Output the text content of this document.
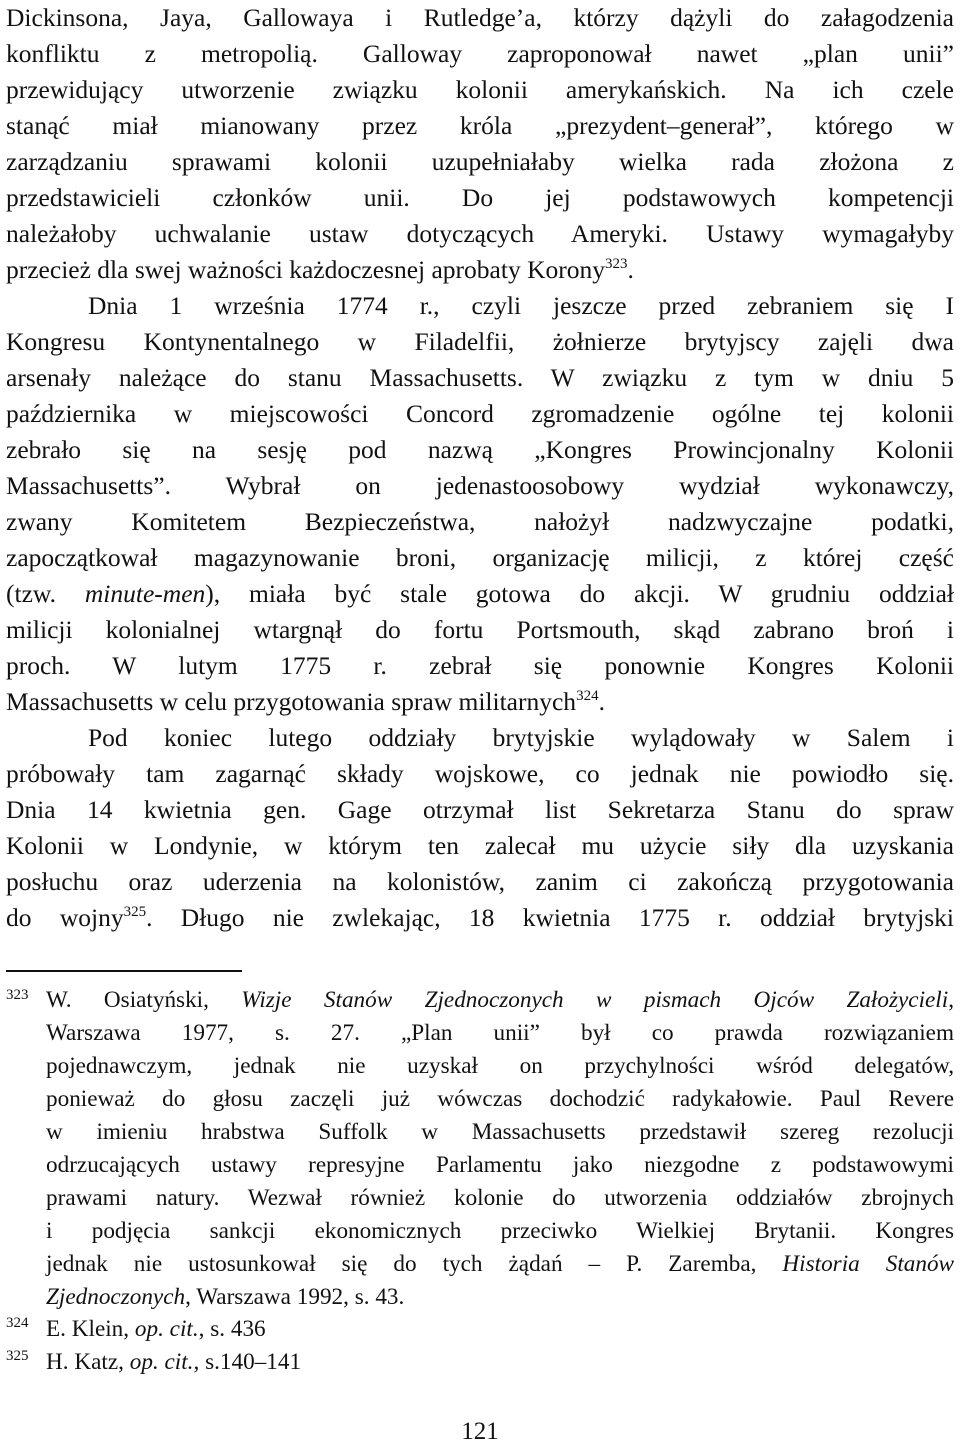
Dickinsona, Jaya, Gallowaya i Rutledge’a, którzy dążyli do załagodzenia
konfliktu z metropolią. Galloway zaproponował nawet „plan unii”
przewidujący utworzenie związku kolonii amerykańskich. Na ich czele
stanąć miał mianowany przez króla „prezydent–generał”, którego w
zarządzaniu sprawami kolonii uzupełniałaby wielka rada złożona z
przedstawicieli członków unii. Do jej podstawowych kompetencji
należałoby uchwalanie ustaw dotyczących Ameryki. Ustawy wymagałyby
przecież dla swej ważności każdoczesnej aprobaty Korony$^{323}$.
Dnia 1 września 1774 r., czyli jeszcze przed zebraniem się I
Kongresu Kontynentalnego w Filadelfii, żołnierze brytyjscy zajęli dwa
arsenały należące do stanu Massachusetts. W związku z tym w dniu 5
października w miejscowości Concord zgromadzenie ogólne tej kolonii
zebrało się na sesję pod nazwą „Kongres Prowincjonalny Kolonii
Massachusetts”. Wybrał on jedenastoosobowy wydział wykonawczy,
zwany Komitetem Bezpieczeństwa, nałożył nadzwyczajne podatki,
zapoczątkował magazynowanie broni, organizację milicji, z której część
(tzw. minute-men), miała być stale gotowa do akcji. W grudniu oddział
milicji kolonialnej wtargnął do fortu Portsmouth, skąd zabrano broń i
proch. W lutym 1775 r. zebrał się ponownie Kongres Kolonii
Massachusetts w celu przygotowania spraw militarnych$^{324}$.
Pod koniec lutego oddziały brytyjskie wylądowały w Salem i
próbowały tam zagarnąć składy wojskowe, co jednak nie powiodło się.
Dnia 14 kwietnia gen. Gage otrzymał list Sekretarza Stanu do spraw
Kolonii w Londynie, w którym ten zalecał mu użycie siły dla uzyskania
posłuchu oraz uderzenia na kolonistów, zanim ci zakończą przygotowania
do wojny$^{325}$. Długo nie zwlekając, 18 kwietnia 1775 r. oddział brytyjski
323 W. Osiatyński, Wizje Stanów Zjednoczonych w pismach Ojców Założycieli,
Warszawa 1977, s. 27. „Plan unii” był co prawda rozwiązaniem
pojednawczym, jednak nie uzyskał on przychylności wśród delegatów,
ponieważ do głosu zaczęli już wówczas dochodzić radykałowie. Paul Revere
w imieniu hrabstwa Suffolk w Massachusetts przedstawił szereg rezolucji
odrzucających ustawy represyjne Parlamentu jako niezgodne z podstawowymi
prawami natury. Wezwał również kolonie do utworzenia oddziałów zbrojnych
i podjęcia sankcji ekonomicznych przeciwko Wielkiej Brytanii. Kongres
jednak nie ustosunkował się do tych żądań – P. Zaremba, Historia Stanów
Zjednoczonych, Warszawa 1992, s. 43.
324 E. Klein, op. cit., s. 436
325 H. Katz, op. cit., s.140–141
121
